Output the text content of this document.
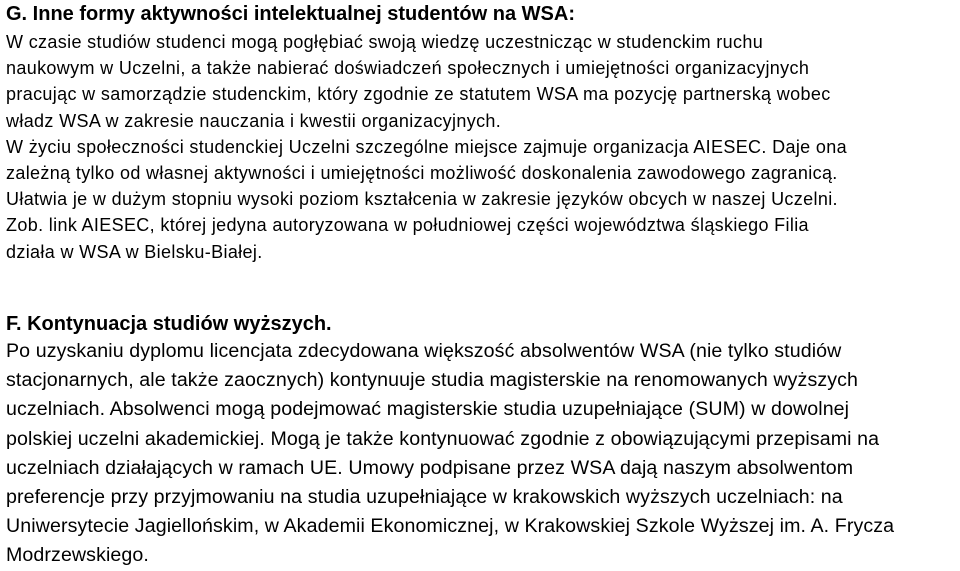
G. Inne formy aktywności intelektualnej studentów na WSA:

W czasie studiów studenci mogą pogłębiać swoją wiedzę uczestnicząc w studenckim ruchu
naukowym w Uczelni, a także nabierać doświadczeń społecznych i umiejętności organizacyjnych
pracując w samorządzie studenckim, który zgodnie ze statutem WSA ma pozycję partnerską wobec
władz WSA w zakresie nauczania i kwestii organizacyjnych.
W życiu społeczności studenckiej Uczelni szczególne miejsce zajmuje organizacja AIESEC. Daje ona
zależną tylko od własnej aktywności i umiejętności możliwość doskonalenia zawodowego zagranicą.
Ułatwia je w dużym stopniu wysoki poziom kształcenia w zakresie języków obcych w naszej Uczelni.
Zob. link AIESEC, której jedyna autoryzowana w południowej części województwa śląskiego Filia
działa w WSA w Bielsku-Białej.

F. Kontynuacja studiów wyższych.

Po uzyskaniu dyplomu licencjata zdecydowana większość absolwentów WSA (nie tylko studiów
stacjonarnych, ale także zaocznych) kontynuuje studia magisterskie na renomowanych wyższych
uczelniach. Absolwenci mogą podejmować magisterskie studia uzupełniające (SUM) w dowolnej
polskiej uczelni akademickiej. Mogą je także kontynuować zgodnie z obowiązującymi przepisami na
uczelniach działających w ramach UE. Umowy podpisane przez WSA dają naszym absolwentom
preferencje przy przyjmowaniu na studia uzupełniające w krakowskich wyższych uczelniach: na
Uniwersytecie Jagiellońskim, w Akademii Ekonomicznej, w Krakowskiej Szkole Wyższej im. A. Frycza
Modrzewskiego.
